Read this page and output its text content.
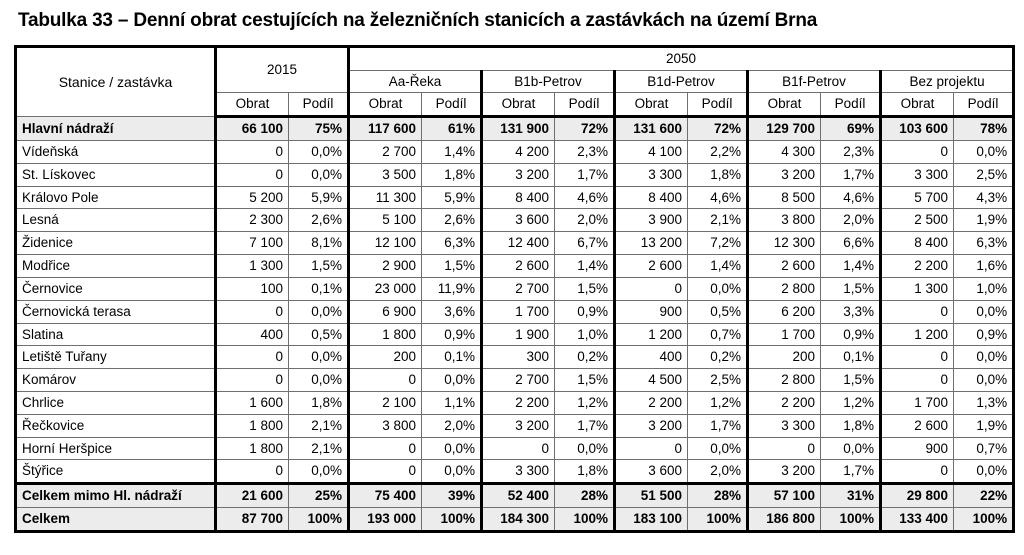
Tabulka 33 – Denní obrat cestujících na železničních stanicích a zastávkách na území Brna
Stanice / zastávka	2015		2050									
			Aa-Řeka		B1b-Petrov		B1d-Petrov		B1f-Petrov		Bez projektu	
	Obrat	Podíl	Obrat	Podíl	Obrat	Podíl	Obrat	Podíl	Obrat	Podíl	Obrat	Podíl
Hlavní nádraží	66 100	75%	117 600	61%	131 900	72%	131 600	72%	129 700	69%	103 600	78%
Vídeňská	0	0,0%	2 700	1,4%	4 200	2,3%	4 100	2,2%	4 300	2,3%	0	0,0%
St. Lískovec	0	0,0%	3 500	1,8%	3 200	1,7%	3 300	1,8%	3 200	1,7%	3 300	2,5%
Královo Pole	5 200	5,9%	11 300	5,9%	8 400	4,6%	8 400	4,6%	8 500	4,6%	5 700	4,3%
Lesná	2 300	2,6%	5 100	2,6%	3 600	2,0%	3 900	2,1%	3 800	2,0%	2 500	1,9%
Židenice	7 100	8,1%	12 100	6,3%	12 400	6,7%	13 200	7,2%	12 300	6,6%	8 400	6,3%
Modřice	1 300	1,5%	2 900	1,5%	2 600	1,4%	2 600	1,4%	2 600	1,4%	2 200	1,6%
Černovice	100	0,1%	23 000	11,9%	2 700	1,5%	0	0,0%	2 800	1,5%	1 300	1,0%
Černovická terasa	0	0,0%	6 900	3,6%	1 700	0,9%	900	0,5%	6 200	3,3%	0	0,0%
Slatina	400	0,5%	1 800	0,9%	1 900	1,0%	1 200	0,7%	1 700	0,9%	1 200	0,9%
Letiště Tuřany	0	0,0%	200	0,1%	300	0,2%	400	0,2%	200	0,1%	0	0,0%
Komárov	0	0,0%	0	0,0%	2 700	1,5%	4 500	2,5%	2 800	1,5%	0	0,0%
Chrlice	1 600	1,8%	2 100	1,1%	2 200	1,2%	2 200	1,2%	2 200	1,2%	1 700	1,3%
Řečkovice	1 800	2,1%	3 800	2,0%	3 200	1,7%	3 200	1,7%	3 300	1,8%	2 600	1,9%
Horní Heršpice	1 800	2,1%	0	0,0%	0	0,0%	0	0,0%	0	0,0%	900	0,7%
Štýřice	0	0,0%	0	0,0%	3 300	1,8%	3 600	2,0%	3 200	1,7%	0	0,0%
Celkem mimo Hl. nádraží	21 600	25%	75 400	39%	52 400	28%	51 500	28%	57 100	31%	29 800	22%
Celkem	87 700	100%	193 000	100%	184 300	100%	183 100	100%	186 800	100%	133 400	100%
